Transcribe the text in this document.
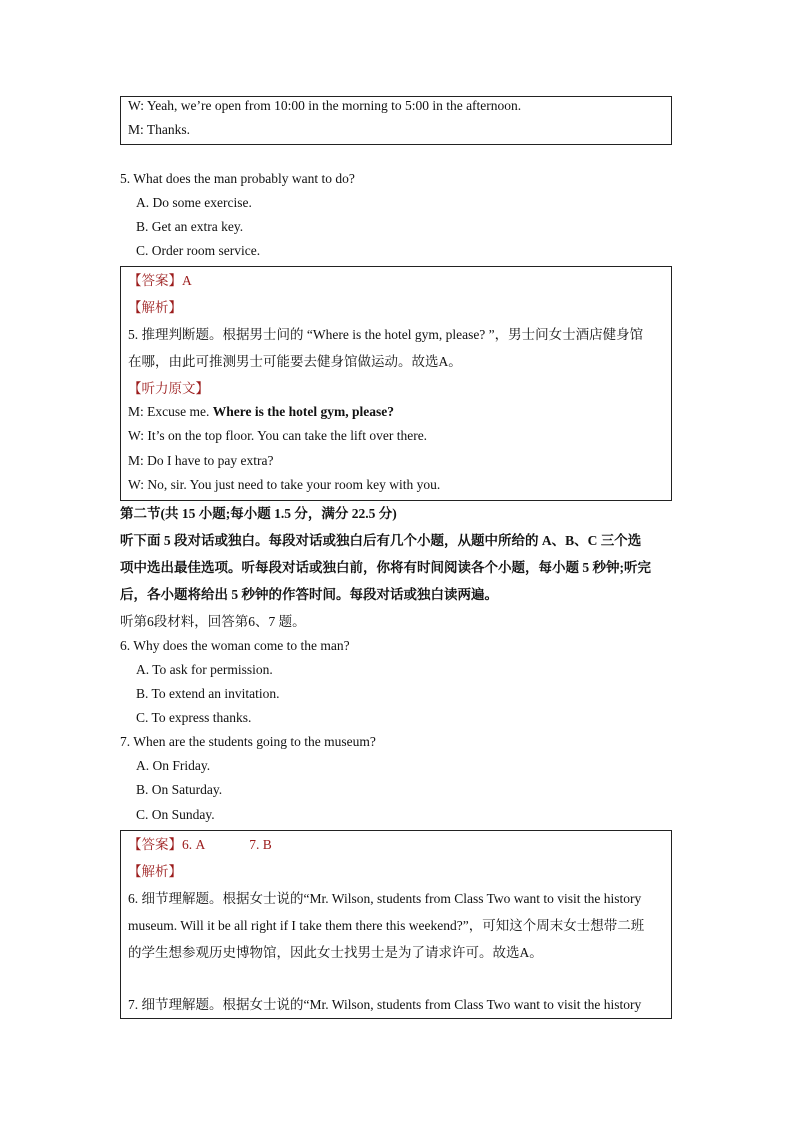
W: Yeah, we’re open from 10:00 in the morning to 5:00 in the afternoon.
M: Thanks.
5. What does the man probably want to do?
A. Do some exercise.
B. Get an extra key.
C. Order room service.
【答案】A
【解析】
5. 推理判断题。根据男士问的 “Where is the hotel gym, please? ”，男士问女士酒店健身馆
在哪，由此可推测男士可能要去健身馆做运动。故选A。
【听力原文】
M: Excuse me. Where is the hotel gym, please?
W: It’s on the top floor. You can take the lift over there.
M: Do I have to pay extra?
W: No, sir. You just need to take your room key with you.
第二节(共 15 小题;每小题 1.5 分，满分 22.5 分)
听下面 5 段对话或独白。每段对话或独白后有几个小题，从题中所给的 A、B、C 三个选
项中选出最佳选项。听每段对话或独白前，你将有时间阅读各个小题，每小题 5 秒钟;听完
后，各小题将给出 5 秒钟的作答时间。每段对话或独白读两遍。
听第6段材料，回答第6、7 题。
6. Why does the woman come to the man?
A. To ask for permission.
B. To extend an invitation.
C. To express thanks.
7. When are the students going to the museum?
A. On Friday.
B. On Saturday.
C. On Sunday.
【答案】6. A	7. B
【解析】
6. 细节理解题。根据女士说的“Mr. Wilson, students from Class Two want to visit the history
museum. Will it be all right if I take them there this weekend?”，可知这个周末女士想带二班
的学生想参观历史博物馆，因此女士找男士是为了请求许可。故选A。
7. 细节理解题。根据女士说的“Mr. Wilson, students from Class Two want to visit the history
